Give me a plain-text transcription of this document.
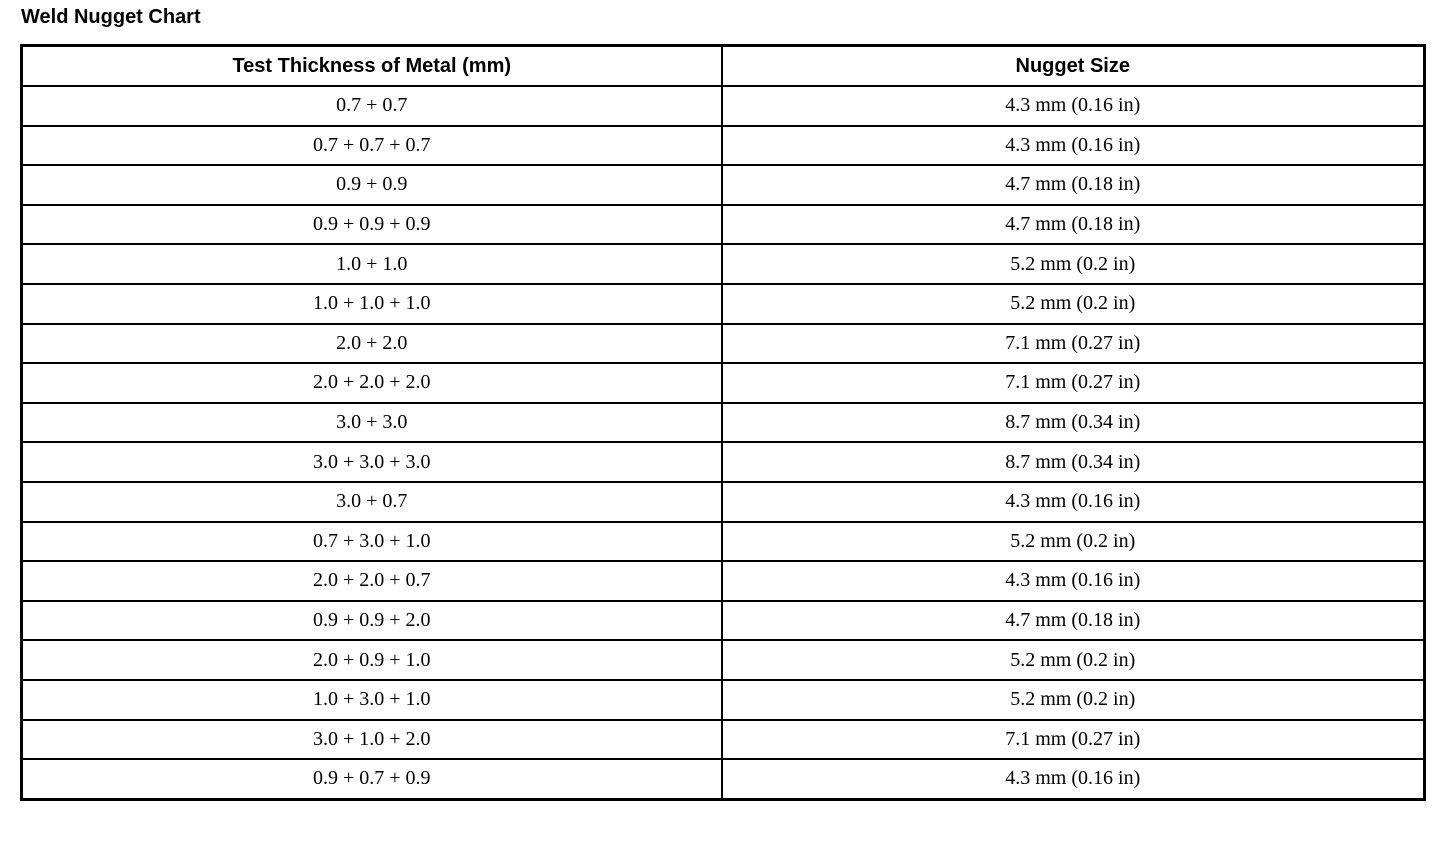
Weld Nugget Chart
Test Thickness of Metal (mm)	Nugget Size
0.7 + 0.7	4.3 mm (0.16 in)
0.7 + 0.7 + 0.7	4.3 mm (0.16 in)
0.9 + 0.9	4.7 mm (0.18 in)
0.9 + 0.9 + 0.9	4.7 mm (0.18 in)
1.0 + 1.0	5.2 mm (0.2 in)
1.0 + 1.0 + 1.0	5.2 mm (0.2 in)
2.0 + 2.0	7.1 mm (0.27 in)
2.0 + 2.0 + 2.0	7.1 mm (0.27 in)
3.0 + 3.0	8.7 mm (0.34 in)
3.0 + 3.0 + 3.0	8.7 mm (0.34 in)
3.0 + 0.7	4.3 mm (0.16 in)
0.7 + 3.0 + 1.0	5.2 mm (0.2 in)
2.0 + 2.0 + 0.7	4.3 mm (0.16 in)
0.9 + 0.9 + 2.0	4.7 mm (0.18 in)
2.0 + 0.9 + 1.0	5.2 mm (0.2 in)
1.0 + 3.0 + 1.0	5.2 mm (0.2 in)
3.0 + 1.0 + 2.0	7.1 mm (0.27 in)
0.9 + 0.7 + 0.9	4.3 mm (0.16 in)
